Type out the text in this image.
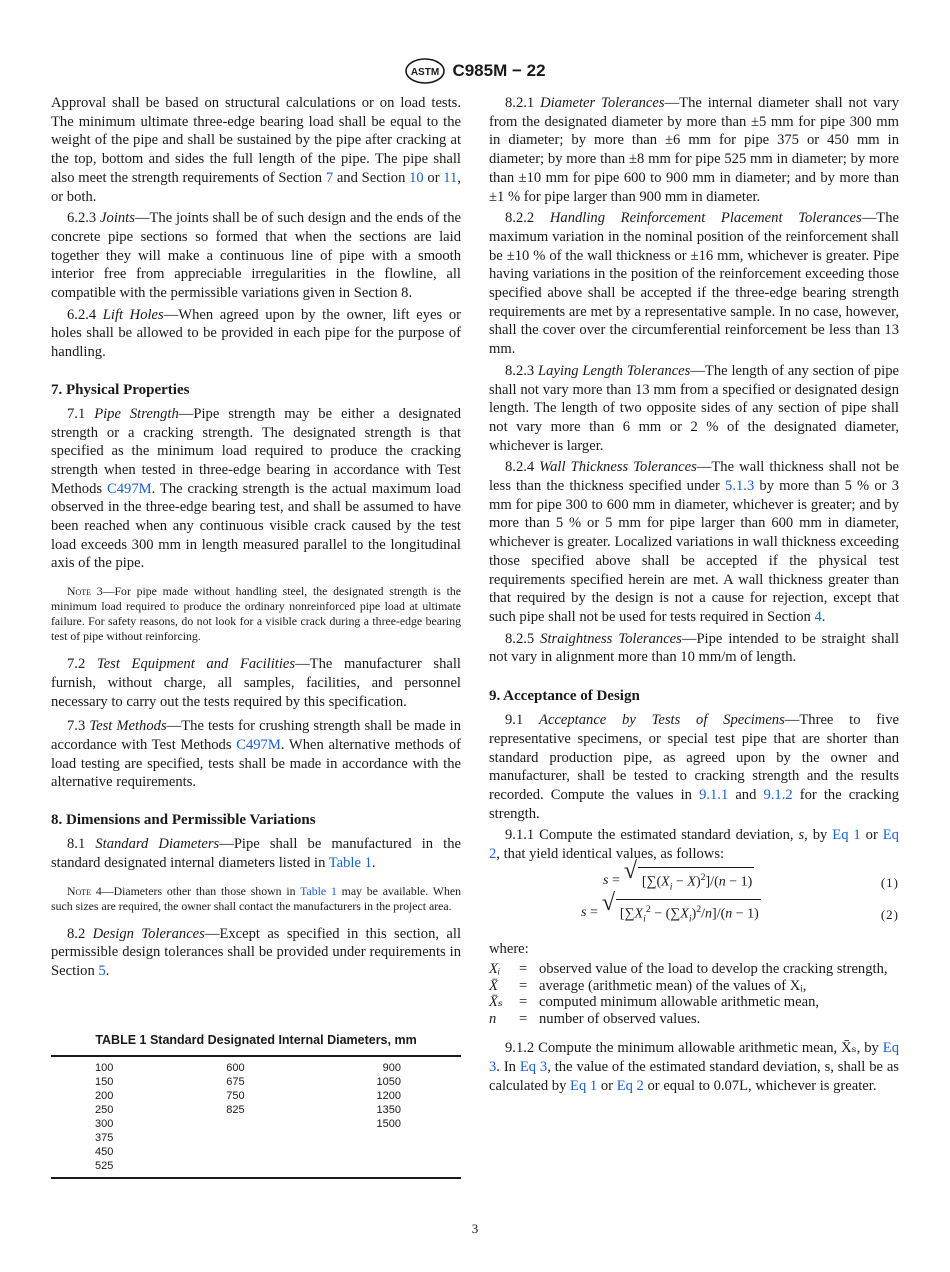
ASTM C985M − 22

Approval shall be based on structural calculations or on load tests. The minimum ultimate three-edge bearing load shall be equal to the weight of the pipe and shall be sustained by the pipe after cracking at the top, bottom and sides the full length of the pipe. The pipe shall also meet the strength requirements of Section 7 and Section 10 or 11, or both.

6.2.3 Joints—The joints shall be of such design and the ends of the concrete pipe sections so formed that when the sections are laid together they will make a continuous line of pipe with a smooth interior free from appreciable irregularities in the flowline, all compatible with the permissible variations given in Section 8.

6.2.4 Lift Holes—When agreed upon by the owner, lift eyes or holes shall be allowed to be provided in each pipe for the purpose of handling.

7. Physical Properties

7.1 Pipe Strength—Pipe strength may be either a designated strength or a cracking strength. The designated strength is that specified as the minimum load required to produce the cracking strength when tested in three-edge bearing in accordance with Test Methods C497M. The cracking strength is the actual maximum load observed in the three-edge bearing test, and shall be assumed to have been reached when any continuous visible crack caused by the test load exceeds 300 mm in length measured parallel to the longitudinal axis of the pipe.

Note 3—For pipe made without handling steel, the designated strength is the minimum load required to produce the ordinary nonreinforced pipe load at ultimate failure. For safety reasons, do not look for a visible crack during a three-edge bearing test of pipe without reinforcing.

7.2 Test Equipment and Facilities—The manufacturer shall furnish, without charge, all samples, facilities, and personnel necessary to carry out the tests required by this specification.

7.3 Test Methods—The tests for crushing strength shall be made in accordance with Test Methods C497M. When alternative methods of load testing are specified, tests shall be made in accordance with the alternative requirements.

8. Dimensions and Permissible Variations

8.1 Standard Diameters—Pipe shall be manufactured in the standard designated internal diameters listed in Table 1.

Note 4—Diameters other than those shown in Table 1 may be available. When such sizes are required, the owner shall contact the manufacturers in the project area.

8.2 Design Tolerances—Except as specified in this section, all permissible design tolerances shall be provided under requirements in Section 5.

TABLE 1 Standard Designated Internal Diameters, mm
100	600	900
150	675	1050
200	750	1200
250	825	1350
300		1500
375		
450		
525		

8.2.1 Diameter Tolerances—The internal diameter shall not vary from the designated diameter by more than ±5 mm for pipe 300 mm in diameter; by more than ±6 mm for pipe 375 or 450 mm in diameter; by more than ±8 mm for pipe 525 mm in diameter; by more than ±10 mm for pipe 600 to 900 mm in diameter; and by more than ±1 % for pipe larger than 900 mm in diameter.

8.2.2 Handling Reinforcement Placement Tolerances—The maximum variation in the nominal position of the reinforcement shall be ±10 % of the wall thickness or ±16 mm, whichever is greater. Pipe having variations in the position of the reinforcement exceeding those specified above shall be accepted if the three-edge bearing strength requirements are met by a representative sample. In no case, however, shall the cover over the circumferential reinforcement be less than 13 mm.

8.2.3 Laying Length Tolerances—The length of any section of pipe shall not vary more than 13 mm from a specified or designated design length. The length of two opposite sides of any section of pipe shall not vary more than 6 mm or 2 % of the designated diameter, whichever is larger.

8.2.4 Wall Thickness Tolerances—The wall thickness shall not be less than the thickness specified under 5.1.3 by more than 5 % or 3 mm for pipe 300 to 600 mm in diameter, whichever is greater; and by more than 5 % or 5 mm for pipe larger than 600 mm in diameter, whichever is greater. Localized variations in wall thickness exceeding those specified above shall be accepted if the physical test requirements specified herein are met. A wall thickness greater than that required by the design is not a cause for rejection, except that such pipe shall not be used for tests required in Section 4.

8.2.5 Straightness Tolerances—Pipe intended to be straight shall not vary in alignment more than 10 mm/m of length.

9. Acceptance of Design

9.1 Acceptance by Tests of Specimens—Three to five representative specimens, or special test pipe that are shorter than standard production pipe, as agreed upon by the owner and manufacturer, shall be tested to cracking strength and the results recorded. Compute the values in 9.1.1 and 9.1.2 for the cracking strength.

9.1.1 Compute the estimated standard deviation, s, by Eq 1 or Eq 2, that yield identical values, as follows:

s = √ $[\sum(X_i - X)^2]/(n - 1)$	(1)
s = √ $[\sum X_i^2 - (\sum X_i)^2/n]/(n - 1)$	(2)

where:

Xᵢ	= observed value of the load to develop the cracking strength,
X̄	= average (arithmetic mean) of the values of Xᵢ,
X̄ₛ	= computed minimum allowable arithmetic mean,
n	= number of observed values.

9.1.2 Compute the minimum allowable arithmetic mean, X̄ₛ, by Eq 3. In Eq 3, the value of the estimated standard deviation, s, shall be as calculated by Eq 1 or Eq 2 or equal to 0.07L, whichever is greater.

3
